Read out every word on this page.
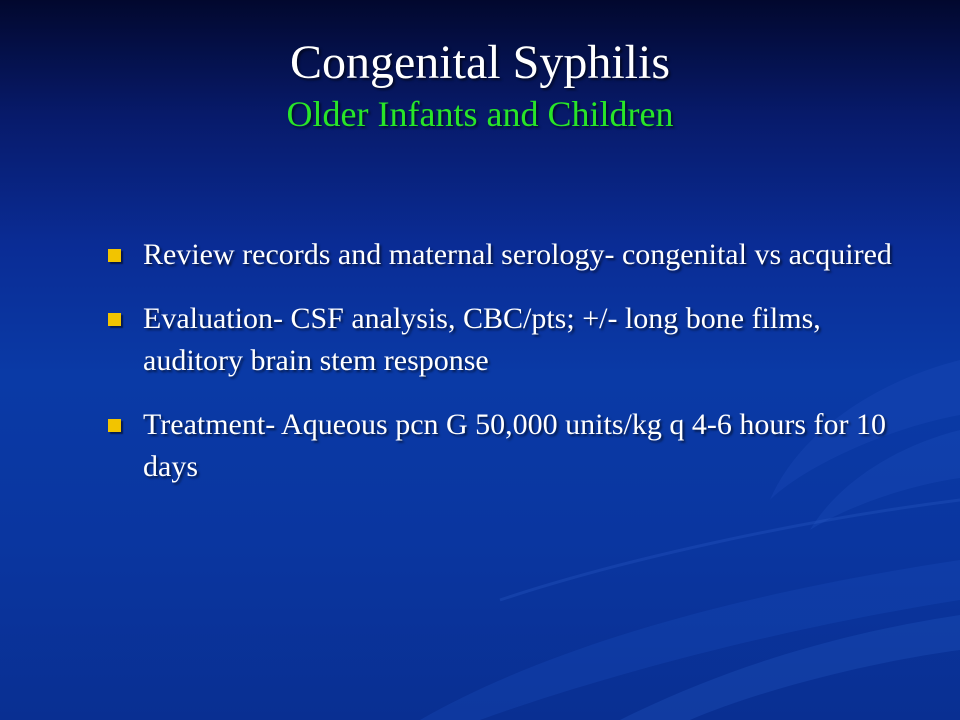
Congenital Syphilis
Older Infants and Children
Review records and maternal serology- congenital vs acquired
Evaluation- CSF analysis, CBC/pts; +/- long bone films, auditory brain stem response
Treatment- Aqueous pcn G 50,000 units/kg q 4-6 hours for 10 days
